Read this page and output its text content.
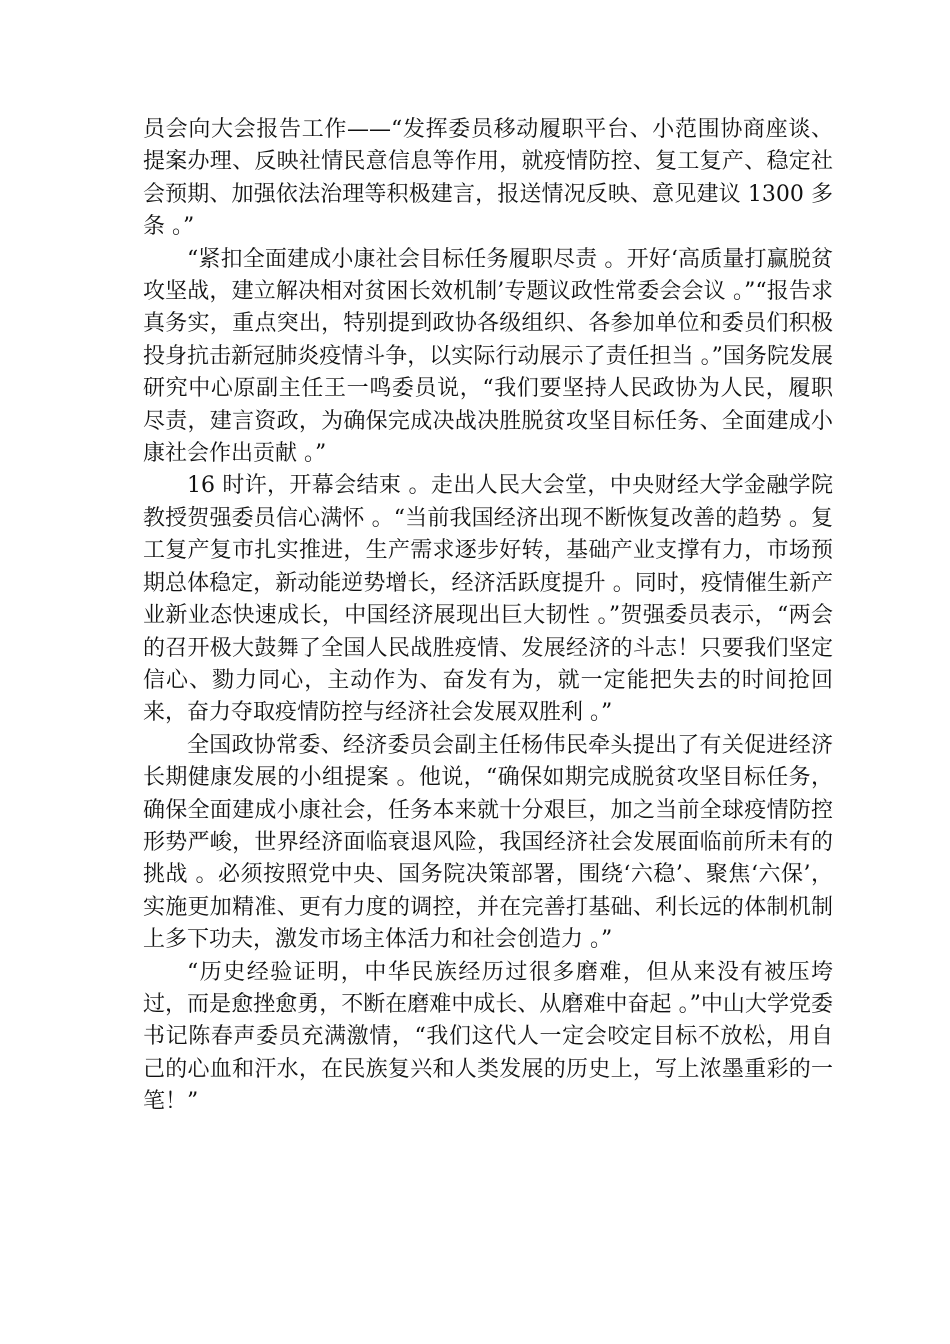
员会向大会报告工作——“发挥委员移动履职平台、小范围协商座谈、提案办理、反映社情民意信息等作用，就疫情防控、复工复产、稳定社会预期、加强依法治理等积极建言，报送情况反映、意见建议 1300 多条 。”

“紧扣全面建成小康社会目标任务履职尽责 。开好‘高质量打赢脱贫攻坚战，建立解决相对贫困长效机制’专题议政性常委会会议 。”“报告求真务实，重点突出，特别提到政协各级组织、各参加单位和委员们积极投身抗击新冠肺炎疫情斗争，以实际行动展示了责任担当 。”国务院发展研究中心原副主任王一鸣委员说，“我们要坚持人民政协为人民，履职尽责，建言资政，为确保完成决战决胜脱贫攻坚目标任务、全面建成小康社会作出贡献 。”

16 时许，开幕会结束 。走出人民大会堂，中央财经大学金融学院教授贺强委员信心满怀 。“当前我国经济出现不断恢复改善的趋势 。复工复产复市扎实推进，生产需求逐步好转，基础产业支撑有力，市场预期总体稳定，新动能逆势增长，经济活跃度提升 。同时，疫情催生新产业新业态快速成长，中国经济展现出巨大韧性 。”贺强委员表示，“两会的召开极大鼓舞了全国人民战胜疫情、发展经济的斗志！只要我们坚定信心、勠力同心，主动作为、奋发有为，就一定能把失去的时间抢回来，奋力夺取疫情防控与经济社会发展双胜利 。”

全国政协常委、经济委员会副主任杨伟民牵头提出了有关促进经济长期健康发展的小组提案 。他说，“确保如期完成脱贫攻坚目标任务，确保全面建成小康社会，任务本来就十分艰巨，加之当前全球疫情防控形势严峻，世界经济面临衰退风险，我国经济社会发展面临前所未有的挑战 。必须按照党中央、国务院决策部署，围绕‘六稳’、聚焦‘六保’，实施更加精准、更有力度的调控，并在完善打基础、利长远的体制机制上多下功夫，激发市场主体活力和社会创造力 。”

“历史经验证明，中华民族经历过很多磨难，但从来没有被压垮过，而是愈挫愈勇，不断在磨难中成长、从磨难中奋起 。”中山大学党委书记陈春声委员充满激情，“我们这代人一定会咬定目标不放松，用自己的心血和汗水，在民族复兴和人类发展的历史上，写上浓墨重彩的一笔！”
